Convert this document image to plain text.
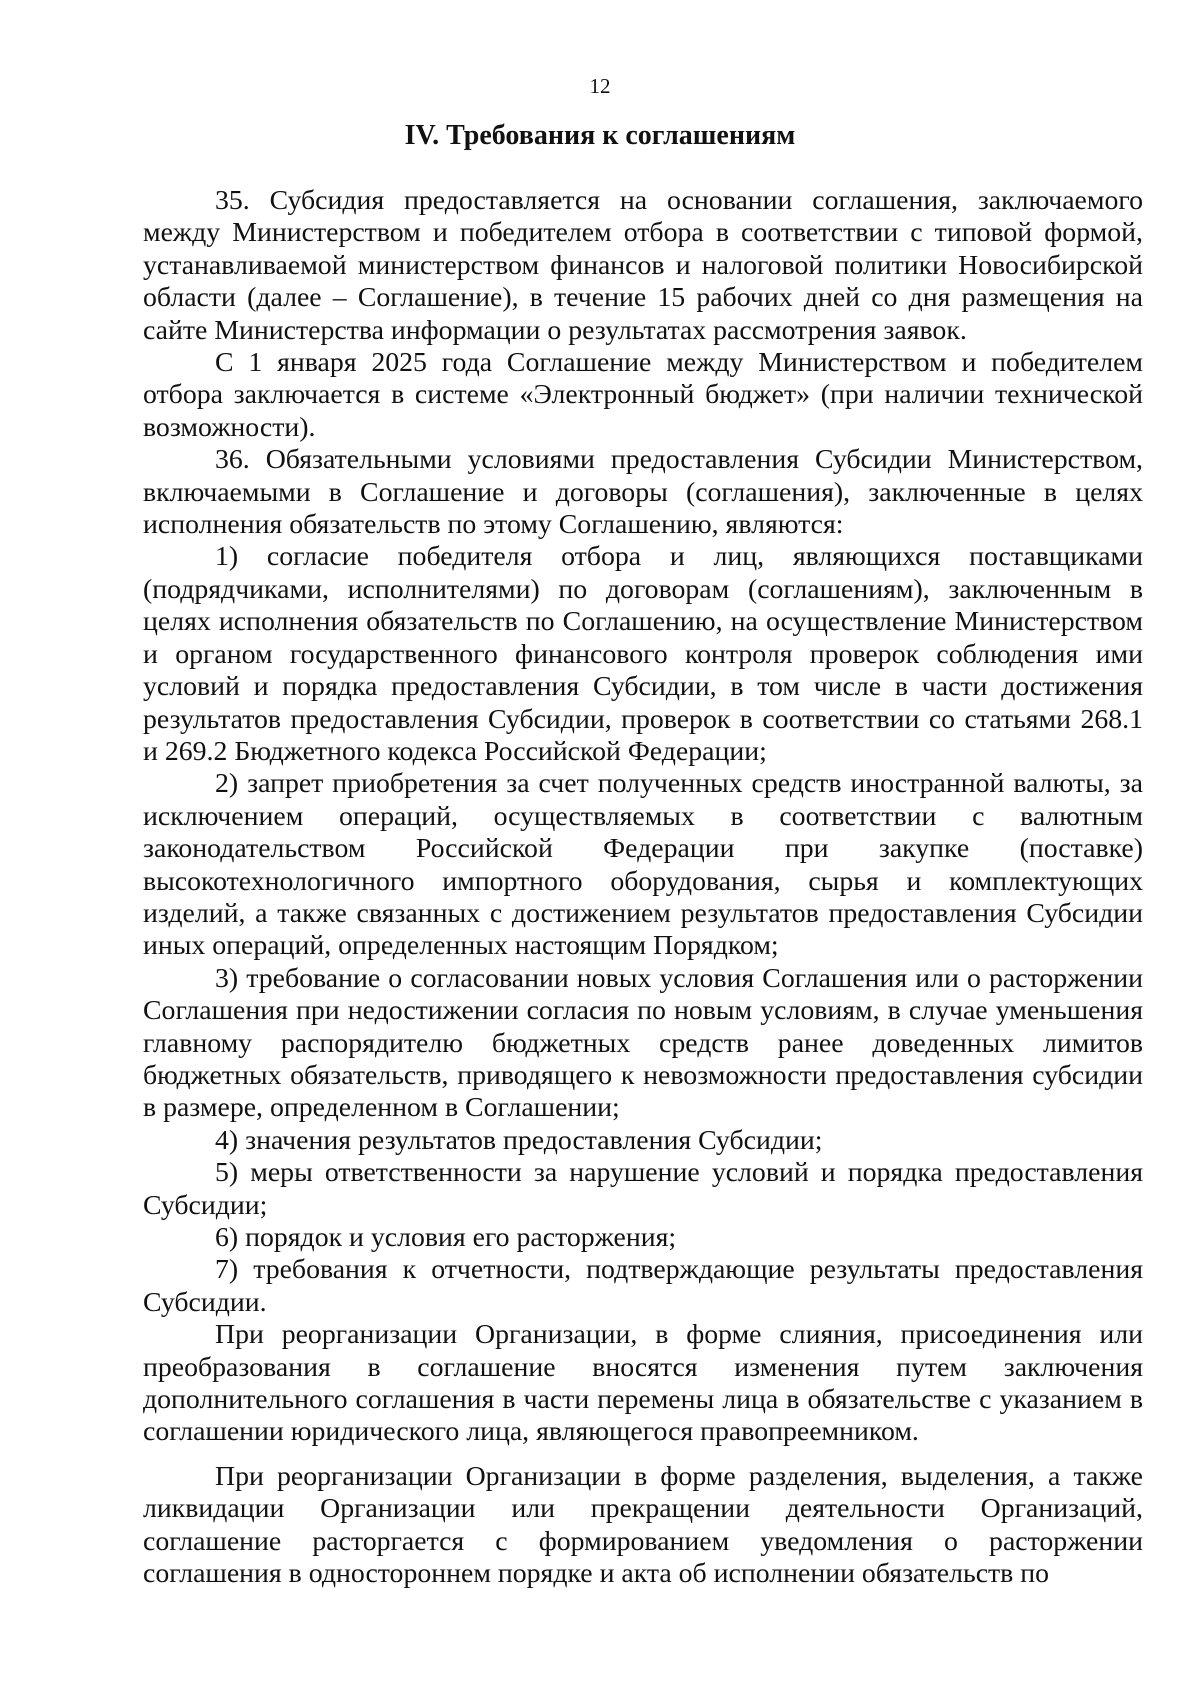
12
IV. Требования к соглашениям

35. Субсидия предоставляется на основании соглашения, заключаемого между Министерством и победителем отбора в соответствии с типовой формой, устанавливаемой министерством финансов и налоговой политики Новосибирской области (далее – Соглашение), в течение 15 рабочих дней со дня размещения на сайте Министерства информации о результатах рассмотрения заявок.

С 1 января 2025 года Соглашение между Министерством и победителем отбора заключается в системе «Электронный бюджет» (при наличии технической возможности).

36. Обязательными условиями предоставления Субсидии Министерством, включаемыми в Соглашение и договоры (соглашения), заключенные в целях исполнения обязательств по этому Соглашению, являются:

1) согласие победителя отбора и лиц, являющихся поставщиками (подрядчиками, исполнителями) по договорам (соглашениям), заключенным в целях исполнения обязательств по Соглашению, на осуществление Министерством и органом государственного финансового контроля проверок соблюдения ими условий и порядка предоставления Субсидии, в том числе в части достижения результатов предоставления Субсидии, проверок в соответствии со статьями 268.1 и 269.2 Бюджетного кодекса Российской Федерации;

2) запрет приобретения за счет полученных средств иностранной валюты, за исключением операций, осуществляемых в соответствии с валютным законодательством Российской Федерации при закупке (поставке) высокотехнологичного импортного оборудования, сырья и комплектующих изделий, а также связанных с достижением результатов предоставления Субсидии иных операций, определенных настоящим Порядком;

3) требование о согласовании новых условия Соглашения или о расторжении Соглашения при недостижении согласия по новым условиям, в случае уменьшения главному распорядителю бюджетных средств ранее доведенных лимитов бюджетных обязательств, приводящего к невозможности предоставления субсидии в размере, определенном в Соглашении;

4) значения результатов предоставления Субсидии;

5) меры ответственности за нарушение условий и порядка предоставления Субсидии;

6) порядок и условия его расторжения;

7) требования к отчетности, подтверждающие результаты предоставления Субсидии.

При реорганизации Организации, в форме слияния, присоединения или преобразования в соглашение вносятся изменения путем заключения дополнительного соглашения в части перемены лица в обязательстве с указанием в соглашении юридического лица, являющегося правопреемником.

При реорганизации Организации в форме разделения, выделения, а также ликвидации Организации или прекращении деятельности Организаций, соглашение расторгается с формированием уведомления о расторжении соглашения в одностороннем порядке и акта об исполнении обязательств по
